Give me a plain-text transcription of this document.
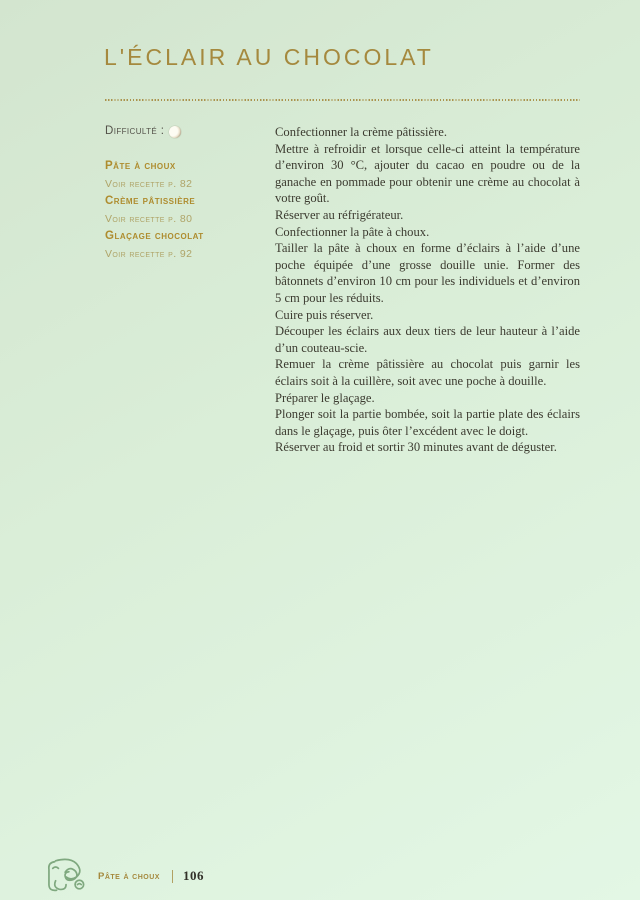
L'ÉCLAIR AU CHOCOLAT
Difficulté :
Pâte à choux
Voir recette p. 82
Crème pâtissière
Voir recette p. 80
Glaçage chocolat
Voir recette p. 92

Confectionner la crème pâtissière.

Mettre à refroidir et lorsque celle-ci atteint la température d’environ 30 °C, ajouter du cacao en poudre ou de la ganache en pommade pour obtenir une crème au chocolat à votre goût.

Réserver au réfrigérateur.

Confectionner la pâte à choux.

Tailler la pâte à choux en forme d’éclairs à l’aide d’une poche équipée d’une grosse douille unie. Former des bâtonnets d’environ 10 cm pour les individuels et d’environ 5 cm pour les réduits.

Cuire puis réserver.

Découper les éclairs aux deux tiers de leur hauteur à l’aide d’un couteau-scie.

Remuer la crème pâtissière au chocolat puis garnir les éclairs soit à la cuillère, soit avec une poche à douille.

Préparer le glaçage.

Plonger soit la partie bombée, soit la partie plate des éclairs dans le glaçage, puis ôter l’excédent avec le doigt.

Réserver au froid et sortir 30 minutes avant de déguster.

Pâte à choux | 106
